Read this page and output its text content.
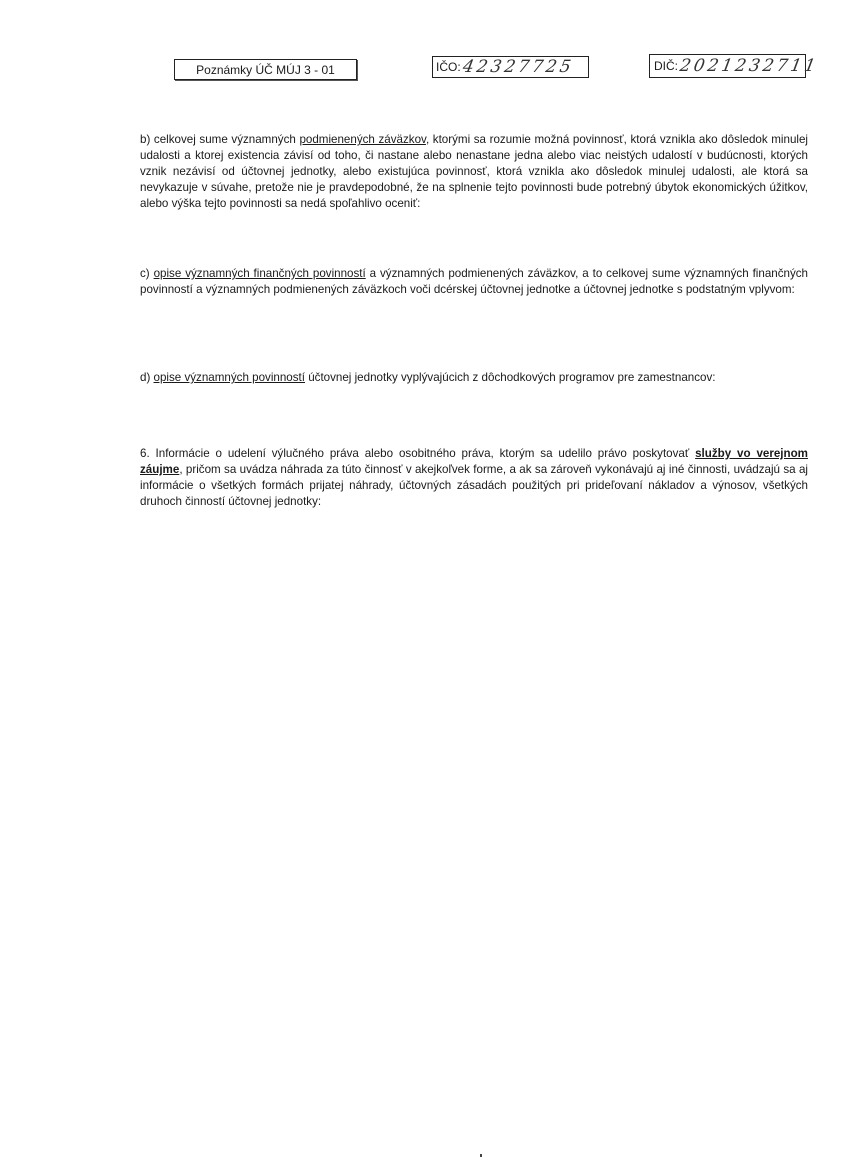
Poznámky ÚČ MÚJ 3 - 01	IČO: 42327725	DIČ: 2021232711

b) celkovej sume významných podmienených záväzkov, ktorými sa rozumie možná povinnosť, ktorá vznikla ako dôsledok minulej udalosti a ktorej existencia závisí od toho, či nastane alebo nenastane jedna alebo viac neistých udalostí v budúcnosti, ktorých vznik nezávisí od účtovnej jednotky, alebo existujúca povinnosť, ktorá vznikla ako dôsledok minulej udalosti, ale ktorá sa nevykazuje v súvahe, pretože nie je pravdepodobné, že na splnenie tejto povinnosti bude potrebný úbytok ekonomických úžitkov, alebo výška tejto povinnosti sa nedá spoľahlivo oceniť:

c) opise významných finančných povinností a významných podmienených záväzkov, a to celkovej sume významných finančných povinností a významných podmienených záväzkoch voči dcérskej účtovnej jednotke a účtovnej jednotke s podstatným vplyvom:

d) opise významných povinností účtovnej jednotky vyplývajúcich z dôchodkových programov pre zamestnancov:

6. Informácie o udelení výlučného práva alebo osobitného práva, ktorým sa udelilo právo poskytovať služby vo verejnom záujme, pričom sa uvádza náhrada za túto činnosť v akejkoľvek forme, a ak sa zároveň vykonávajú aj iné činnosti, uvádzajú sa aj informácie o všetkých formách prijatej náhrady, účtovných zásadách použitých pri prideľovaní nákladov a výnosov, všetkých druhoch činností účtovnej jednotky:
